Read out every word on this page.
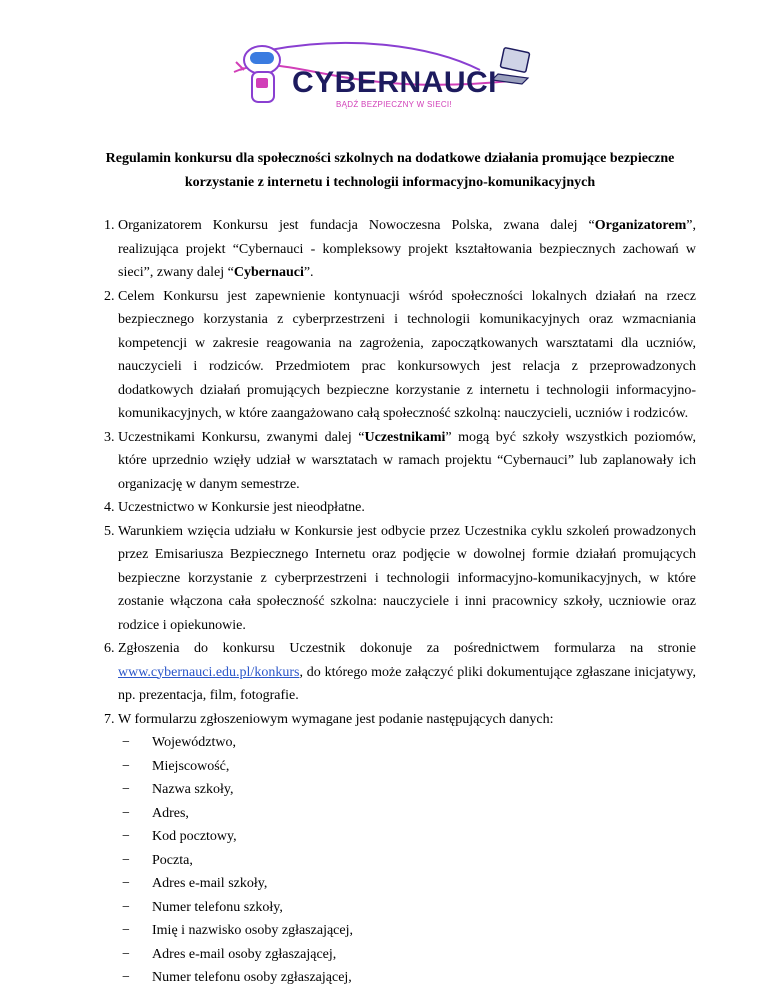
CYBERNAUCI
BĄDŹ BEZPIECZNY W SIECI!
Regulamin konkursu dla społeczności szkolnych na dodatkowe działania promujące bezpieczne
korzystanie z internetu i technologii informacyjno-komunikacyjnych
1. Organizatorem Konkursu jest fundacja Nowoczesna Polska, zwana dalej “Organizatorem”, realizująca projekt “Cybernauci - kompleksowy projekt kształtowania bezpiecznych zachowań w sieci”, zwany dalej “Cybernauci”.
2. Celem Konkursu jest zapewnienie kontynuacji wśród społeczności lokalnych działań na rzecz bezpiecznego korzystania z cyberprzestrzeni i technologii komunikacyjnych oraz wzmacniania kompetencji w zakresie reagowania na zagrożenia, zapoczątkowanych warsztatami dla uczniów, nauczycieli i rodziców. Przedmiotem prac konkursowych jest relacja z przeprowadzonych dodatkowych działań promujących bezpieczne korzystanie z internetu i technologii informacyjno-komunikacyjnych, w które zaangażowano całą społeczność szkolną: nauczycieli, uczniów i rodziców.
3. Uczestnikami Konkursu, zwanymi dalej “Uczestnikami” mogą być szkoły wszystkich poziomów, które uprzednio wzięły udział w warsztatach w ramach projektu “Cybernauci” lub zaplanowały ich organizację w danym semestrze.
4. Uczestnictwo w Konkursie jest nieodpłatne.
5. Warunkiem wzięcia udziału w Konkursie jest odbycie przez Uczestnika cyklu szkoleń prowadzonych przez Emisariusza Bezpiecznego Internetu oraz podjęcie w dowolnej formie działań promujących bezpieczne korzystanie z cyberprzestrzeni i technologii informacyjno-komunikacyjnych, w które zostanie włączona cała społeczność szkolna: nauczyciele i inni pracownicy szkoły, uczniowie oraz rodzice i opiekunowie.
6. Zgłoszenia do konkursu Uczestnik dokonuje za pośrednictwem formularza na stronie www.cybernauci.edu.pl/konkurs, do którego może załączyć pliki dokumentujące zgłaszane inicjatywy, np. prezentacja, film, fotografie.
7. W formularzu zgłoszeniowym wymagane jest podanie następujących danych:
− Województwo,
− Miejscowość,
− Nazwa szkoły,
− Adres,
− Kod pocztowy,
− Poczta,
− Adres e-mail szkoły,
− Numer telefonu szkoły,
− Imię i nazwisko osoby zgłaszającej,
− Adres e-mail osoby zgłaszającej,
− Numer telefonu osoby zgłaszającej,
